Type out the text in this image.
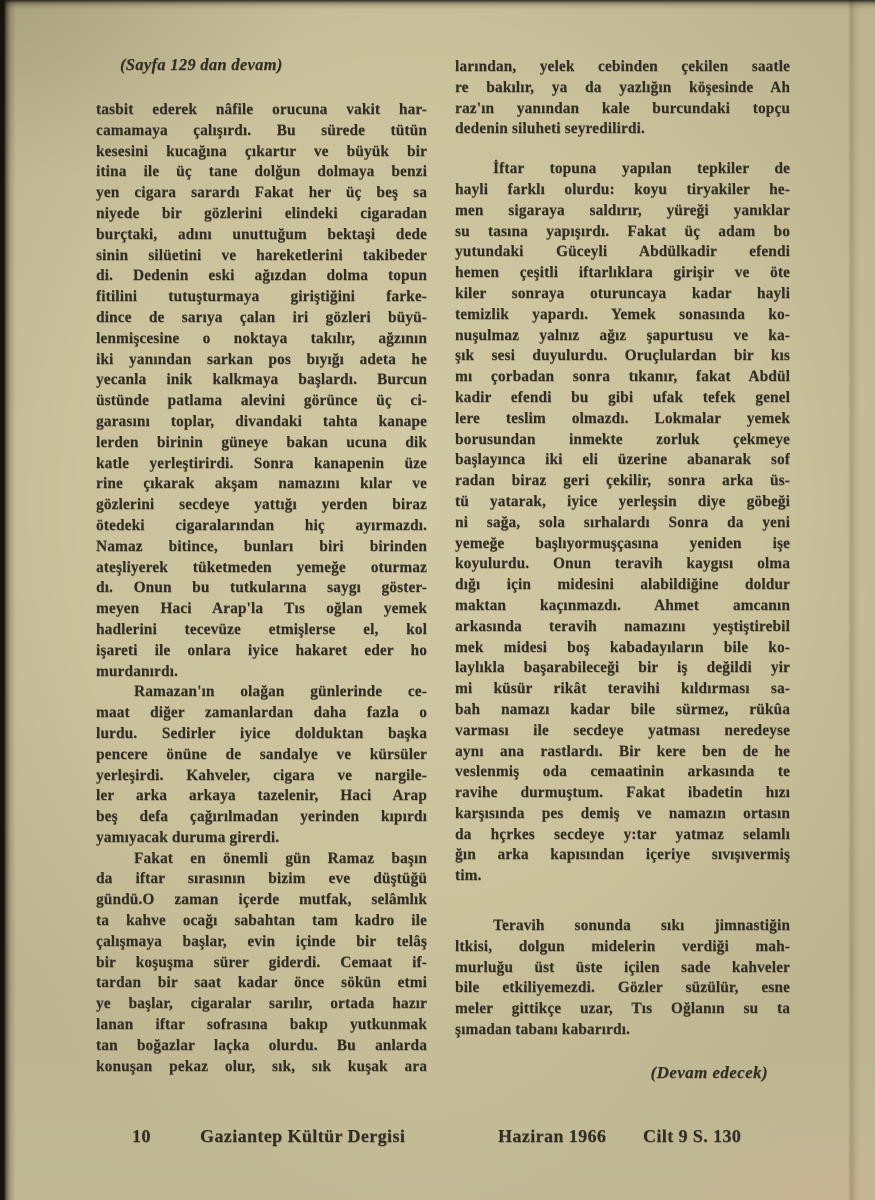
(Sayfa 129 dan devam)
tasbit ederek nâfile orucuna vakit har-
camamaya çalışırdı. Bu sürede tütün
kesesini kucağına çıkartır ve büyük bir
itina ile üç tane dolğun dolmaya benzi
yen cigara sarardı Fakat her üç beş sa
niyede bir gözlerini elindeki cigaradan
burçtaki, adını unuttuğum bektaşi dede
sinin silüetini ve hareketlerini takibeder
di. Dedenin eski ağızdan dolma topun
fitilini tutuşturmaya giriştiğini farke-
dince de sarıya çalan iri gözleri büyü-
lenmişcesine o noktaya takılır, ağzının
iki yanından sarkan pos bıyığı adeta he
yecanla inik kalkmaya başlardı. Burcun
üstünde patlama alevini görünce üç ci-
garasını toplar, divandaki tahta kanape
lerden birinin güneye bakan ucuna dik
katle yerleştirirdi. Sonra kanapenin üze
rine çıkarak akşam namazını kılar ve
gözlerini secdeye yattığı yerden biraz
ötedeki cigaralarından hiç ayırmazdı.
Namaz bitince, bunları biri birinden
ateşliyerek tüketmeden yemeğe oturmaz
dı. Onun bu tutkularına saygı göster-
meyen Haci Arap'la Tıs oğlan yemek
hadlerini tecevüze etmişlerse el, kol
işareti ile onlara iyice hakaret eder ho
murdanırdı.
Ramazan'ın olağan günlerinde ce-
maat diğer zamanlardan daha fazla o
lurdu. Sedirler iyice dolduktan başka
pencere önüne de sandalye ve kürsüler
yerleşirdi. Kahveler, cigara ve nargile-
ler arka arkaya tazelenir, Haci Arap
beş defa çağırılmadan yerinden kıpırdı
yamıyacak duruma girerdi.
Fakat en önemli gün Ramaz başın
da iftar sırasının bizim eve düştüğü
gündü.O zaman içerde mutfak, selâmlık
ta kahve ocağı sabahtan tam kadro ile
çalışmaya başlar, evin içinde bir telâş
bir koşuşma sürer giderdi. Cemaat if-
tardan bir saat kadar önce sökün etmi
ye başlar, cigaralar sarılır, ortada hazır
lanan iftar sofrasına bakıp yutkunmak
tan boğazlar laçka olurdu. Bu anlarda
konuşan pekaz olur, sık, sık kuşak ara
larından, yelek cebinden çekilen saatle
re bakılır, ya da yazlığın köşesinde Ah
raz'ın yanından kale burcundaki topçu
dedenin siluheti seyredilirdi.
İftar topuna yapılan tepkiler de
hayli farklı olurdu: koyu tiryakiler he-
men sigaraya saldırır, yüreği yanıklar
su tasına yapışırdı. Fakat üç adam bo
yutundaki Güceyli Abdülkadir efendi
hemen çeşitli iftarlıklara girişir ve öte
kiler sonraya oturuncaya kadar hayli
temizlik yapardı. Yemek sonasında ko-
nuşulmaz yalnız ağız şapurtusu ve ka-
şık sesi duyulurdu. Oruçlulardan bir kıs
mı çorbadan sonra tıkanır, fakat Abdül
kadir efendi bu gibi ufak tefek genel
lere teslim olmazdı. Lokmalar yemek
borusundan inmekte zorluk çekmeye
başlayınca iki eli üzerine abanarak sof
radan biraz geri çekilir, sonra arka üs-
tü yatarak, iyice yerleşsin diye göbeği
ni sağa, sola sırhalardı Sonra da yeni
yemeğe başlıyormuşçasına yeniden işe
koyulurdu. Onun teravih kaygısı olma
dığı için midesini alabildiğine doldur
maktan kaçınmazdı. Ahmet amcanın
arkasında teravih namazını yeştiştirebil
mek midesi boş kabadayıların bile ko-
laylıkla başarabileceği bir iş değildi yir
mi küsür rikât teravihi kıldırması sa-
bah namazı kadar bile sürmez, rükûa
varması ile secdeye yatması neredeyse
aynı ana rastlardı. Bir kere ben de he
veslenmiş oda cemaatinin arkasında te
ravihe durmuştum. Fakat ibadetin hızı
karşısında pes demiş ve namazın ortasın
da hçrkes secdeye y:tar yatmaz selamlı
ğın arka kapısından içeriye sıvışıvermiş
tim.
Teravih sonunda sıkı jimnastiğin
ltkisi, dolgun midelerin verdiği mah-
murluğu üst üste içilen sade kahveler
bile etkiliyemezdi. Gözler süzülür, esne
meler gittikçe uzar, Tıs Oğlanın su ta
şımadan tabanı kabarırdı.
(Devam edecek)
10	Gaziantep Kültür Dergisi	Haziran 1966 Cilt 9 S. 130
